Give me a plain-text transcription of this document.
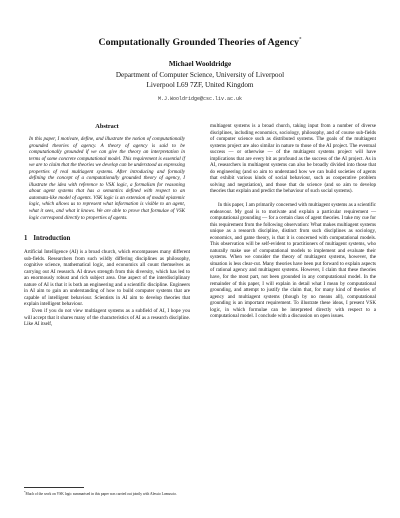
Computationally Grounded Theories of Agency*
Michael Wooldridge
Department of Computer Science, University of Liverpool
Liverpool L69 7ZF, United Kingdom
M.J.Wooldridge@csc.liv.ac.uk
Abstract

In this paper, I motivate, define, and illustrate the notion of computationally grounded theories of agency. A theory of agency is said to be computationally grounded if we can give the theory an interpretation in terms of some concrete computational model. This requirement is essential if we are to claim that the theories we develop can be understood as expressing properties of real multiagent systems. After introducing and formally defining the concept of a computationally grounded theory of agency, I illustrate the idea with reference to VSK logic, a formalism for reasoning about agent systems that has a semantics defined with respect to an automata-like model of agents. VSK logic is an extension of modal epistemic logic, which allows us to represent what information is visible to an agent, what it sees, and what it knows. We are able to prove that formulae of VSK logic correspond directly to properties of agents.

1 Introduction

Artificial Intelligence (AI) is a broad church, which encompasses many different sub-fields. Researchers from such wildly differing disciplines as philosophy, cognitive science, mathematical logic, and economics all count themselves as carrying out AI research. AI draws strength from this diversity, which has led to an enormously robust and rich subject area. One aspect of the interdisciplinary nature of AI is that it is both an engineering and a scientific discipline. Engineers in AI aim to gain an understanding of how to build computer systems that are capable of intelligent behaviour. Scientists in AI aim to develop theories that explain intelligent behaviour.

Even if you do not view multiagent systems as a subfield of AI, I hope you will accept that it shares many of the characteristics of AI as a research discipline. Like AI itself,

multiagent systems is a broad church, taking input from a number of diverse disciplines, including economics, sociology, philosophy, and of course sub-fields of computer science such as distributed systems. The goals of the multiagent systems project are also similar in nature to those of the AI project. The eventual success — or otherwise — of the multiagent systems project will have implications that are every bit as profound as the success of the AI project. As in AI, researchers in multiagent systems can also be broadly divided into those that do engineering (and so aim to understand how we can build societies of agents that exhibit various kinds of social behaviour, such as cooperative problem solving and negotiation), and those that do science (and so aim to develop theories that explain and predict the behaviour of such social systems).

In this paper, I am primarily concerned with multiagent systems as a scientific endeavour. My goal is to motivate and explain a particular requirement — computational grounding — for a certain class of agent theories. I take my cue for this requirement from the following observation: What makes multiagent systems unique as a research discipline, distinct from such disciplines as sociology, economics, and game theory, is that it is concerned with computational models. This observation will be self-evident to practitioners of multiagent systems, who naturally make use of computational models to implement and evaluate their systems. When we consider the theory of multiagent systems, however, the situation is less clear-cut. Many theories have been put forward to explain aspects of rational agency and multiagent systems. However, I claim that these theories have, for the most part, not been grounded in any computational model. In the remainder of this paper, I will explain in detail what I mean by computational grounding, and attempt to justify the claim that, for many kind of theories of agency and multiagent systems (though by no means all), computational grounding is an important requirement. To illustrate these ideas, I present VSK logic, in which formulae can be interpreted directly with respect to a computational model. I conclude with a discussion on open issues.

*Much of the work on VSK logic summarised in this paper was carried out jointly with Alessio Lomuscio.
